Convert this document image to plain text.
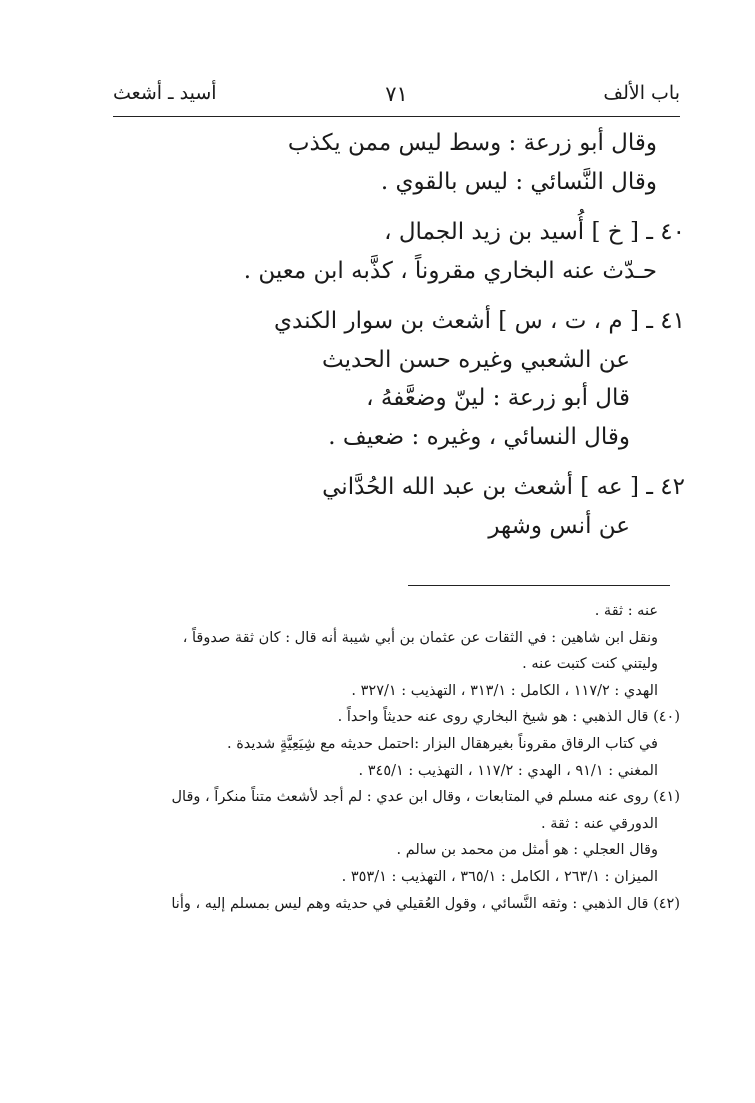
باب الألف
٧١
أسيد ـ أشعث
وقال أبو زرعة : وسط ليس ممن يكذب
وقال النَّسائي : ليس بالقوي .
٤٠ ـ [ خ ] أُسيد بن زيد الجمال ،
حـدّث عنه البخاري مقروناً ، كذَّبه ابن معين .
٤١ ـ [ م ، ت ، س ] أشعث بن سوار الكندي
عن الشعبي وغيره حسن الحديث
قال أبو زرعة : لينّ وضعَّفهُ ،
وقال النسائي ، وغيره : ضعيف .
٤٢ ـ [ عه ] أشعث بن عبد الله الحُدَّاني
عن أنس وشهر
عنه : ثقة .
ونقل ابن شاهين : في الثقات عن عثمان بن أبي شيبة أنه قال : كان ثقة صدوقاً ،
وليتني كنت كتبت عنه .
الهدي : ١١٧/٢ ، الكامل : ٣١٣/١ ، التهذيب : ٣٢٧/١ .
(٤٠) قال الذهبي : هو شيخ البخاري روى عنه حديثاً واحداً .
في كتاب الرقاق مقروناً بغيرهقال البزار :احتمل حديثه مع شِيَعِيَّةٍ شديدة .
المغني : ٩١/١ ، الهدي : ١١٧/٢ ، التهذيب : ٣٤٥/١ .
(٤١) روى عنه مسلم في المتابعات ، وقال ابن عدي : لم أجد لأشعث متناً منكراً ، وقال
الدورقي عنه : ثقة .
وقال العجلي : هو أمثل من محمد بن سالم .
الميزان : ٢٦٣/١ ، الكامل : ٣٦٥/١ ، التهذيب : ٣٥٣/١ .
(٤٢) قال الذهبي : وثقه النَّسائي ، وقول العُقيلي في حديثه وهم ليس بمسلم إليه ، وأنا
